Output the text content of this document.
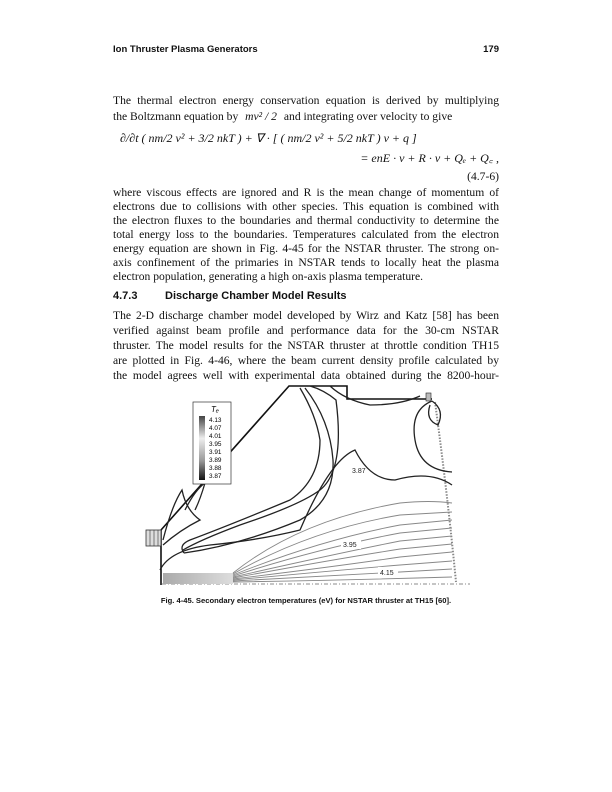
Ion Thruster Plasma Generators	179
The thermal electron energy conservation equation is derived by multiplying
the Boltzmann equation by mv² / 2 and integrating over velocity to give
∂/∂t ( nm/2 v² + 3/2 nkT ) + ∇ · [ ( nm/2 v² + 5/2 nkT ) v + q ]
= enE · v + R · v + Qₑ + Q꜀ ,
(4.7-6)
where viscous effects are ignored and R is the mean change of momentum of
electrons due to collisions with other species. This equation is combined with
the electron fluxes to the boundaries and thermal conductivity to determine the
total energy loss to the boundaries. Temperatures calculated from the electron
energy equation are shown in Fig. 4-45 for the NSTAR thruster. The strong on-
axis confinement of the primaries in NSTAR tends to locally heat the plasma
electron population, generating a high on-axis plasma temperature.
4.7.3	Discharge Chamber Model Results
The 2-D discharge chamber model developed by Wirz and Katz [58] has been
verified against beam profile and performance data for the 30-cm NSTAR
thruster. The model results for the NSTAR thruster at throttle condition TH15
are plotted in Fig. 4-46, where the beam current density profile calculated by
the model agrees well with experimental data obtained during the 8200-hour-
3.87
3.95
4.15
Tₑ
4.13
4.07
4.01
3.95
3.91
3.89
3.88
3.87
Fig. 4-45. Secondary electron temperatures (eV) for NSTAR thruster at TH15 [60].
